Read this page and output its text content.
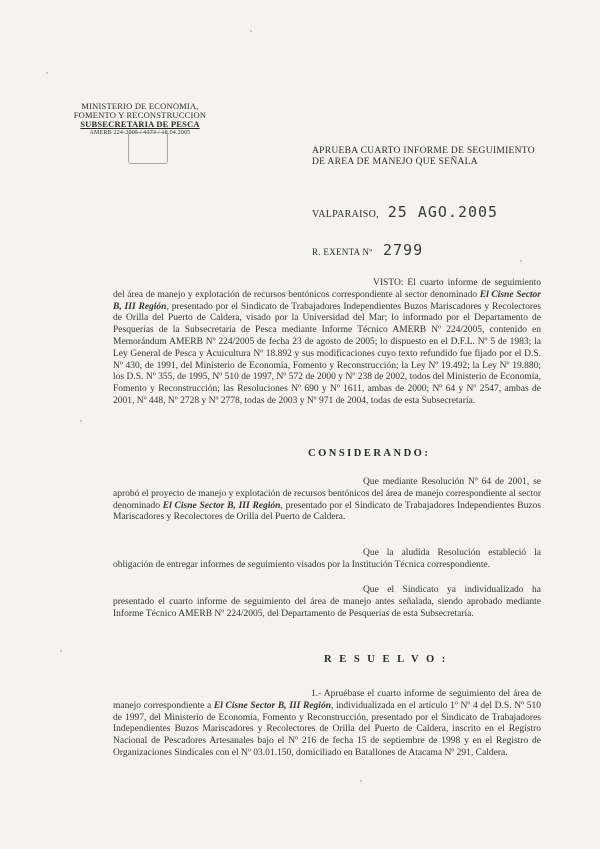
MINISTERIO DE ECONOMIA,
FOMENTO Y RECONSTRUCCION
SUBSECRETARIA DE PESCA
AMERB 224-2005 / 4373 / 18.04.2005
APRUEBA CUARTO INFORME DE SEGUIMIENTO
DE AREA DE MANEJO QUE SEÑALA
VALPARAISO, 25 AGO.2005
R. EXENTA Nº 2799
VISTO: El cuarto informe de seguimiento del área de manejo y explotación de recursos bentónicos correspondiente al sector denominado El Cisne Sector B, III Región, presentado por el Sindicato de Trabajadores Independientes Buzos Mariscadores y Recolectores de Orilla del Puerto de Caldera, visado por la Universidad del Mar; lo informado por el Departamento de Pesquerías de la Subsecretaría de Pesca mediante Informe Técnico AMERB Nº 224/2005, contenido en Memorándum AMERB Nº 224/2005 de fecha 23 de agosto de 2005; lo dispuesto en el D.F.L. Nº 5 de 1983; la Ley General de Pesca y Acuicultura Nº 18.892 y sus modificaciones cuyo texto refundido fue fijado por el D.S. Nº 430, de 1991, del Ministerio de Economía, Fomento y Reconstrucción; la Ley Nº 19.492; la Ley Nº 19.880; los D.S. Nº 355, de 1995, Nº 510 de 1997, Nº 572 de 2000 y Nº 238 de 2002, todos del Ministerio de Economía, Fomento y Reconstrucción; las Resoluciones Nº 690 y Nº 1611, ambas de 2000; Nº 64 y Nº 2547, ambas de 2001, Nº 448, Nº 2728 y Nº 2778, todas de 2003 y Nº 971 de 2004, todas de esta Subsecretaría.
CONSIDERANDO:
Que mediante Resolución Nº 64 de 2001, se aprobó el proyecto de manejo y explotación de recursos bentónicos del área de manejo correspondiente al sector denominado El Cisne Sector B, III Región, presentado por el Sindicato de Trabajadores Independientes Buzos Mariscadores y Recolectores de Orilla del Puerto de Caldera.
Que la aludida Resolución estableció la obligación de entregar informes de seguimiento visados por la Institución Técnica correspondiente.
Que el Sindicato ya individualizado ha presentado el cuarto informe de seguimiento del área de manejo antes señalada, siendo aprobado mediante Informe Técnico AMERB Nº 224/2005, del Departamento de Pesquerías de esta Subsecretaría.
R E S U E L V O :
1.- Apruébase el cuarto informe de seguimiento del área de manejo correspondiente a El Cisne Sector B, III Región, individualizada en el artículo 1º Nº 4 del D.S. Nº 510 de 1997, del Ministerio de Economía, Fomento y Reconstrucción, presentado por el Sindicato de Trabajadores Independientes Buzos Mariscadores y Recolectores de Orilla del Puerto de Caldera, inscrito en el Registro Nacional de Pescadores Artesanales bajo el Nº 216 de fecha 15 de septiembre de 1998 y en el Registro de Organizaciones Sindicales con el Nº 03.01.150, domiciliado en Batallones de Atacama Nº 291, Caldera.
